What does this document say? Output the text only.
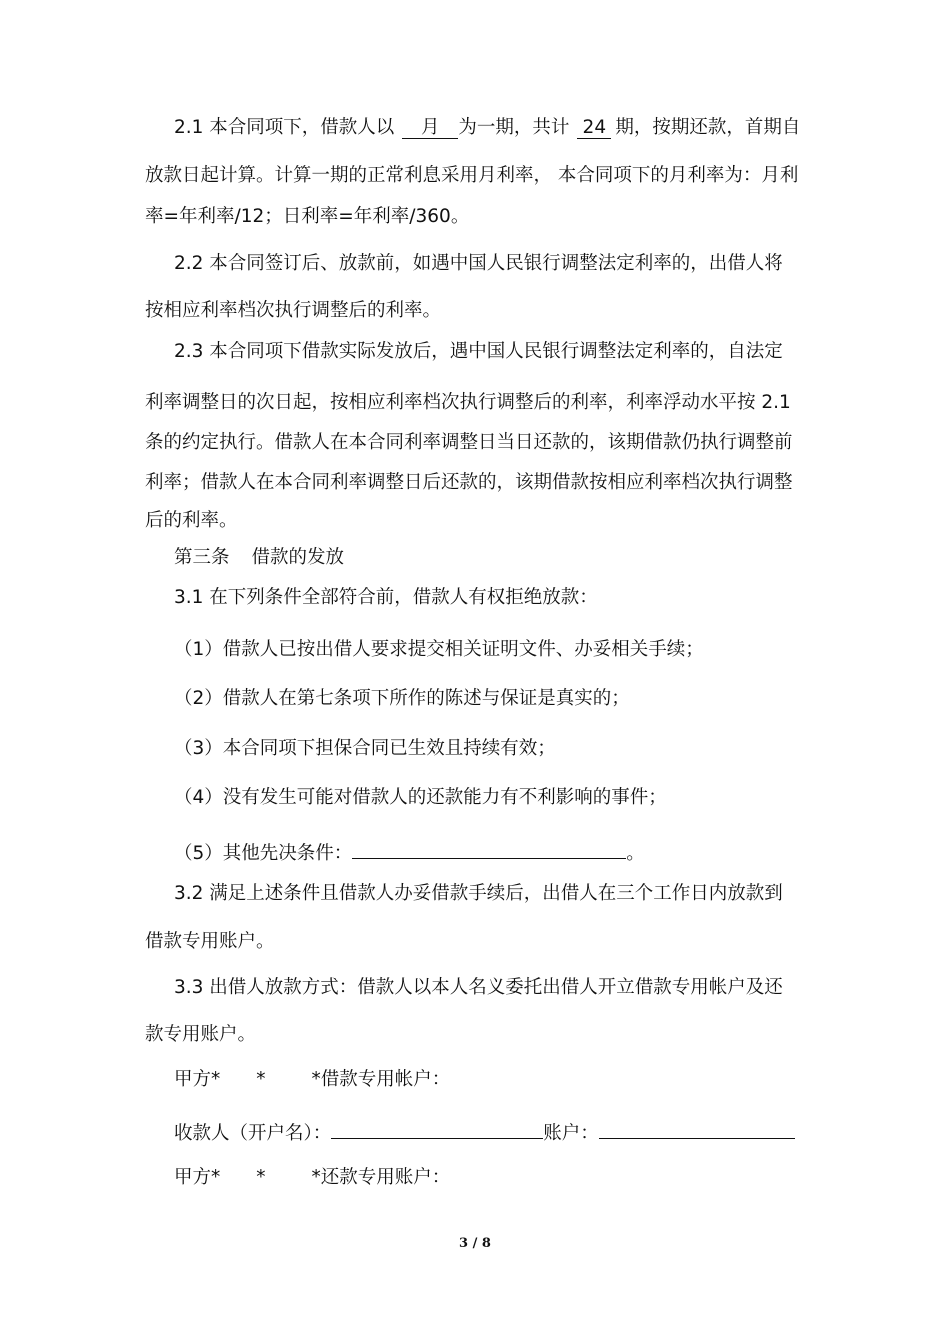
2.1 本合同项下，借款人以 月 为一期，共计 24 期，按期还款，首期自
放款日起计算。计算一期的正常利息采用月利率， 本合同项下的月利率为：月利
率=年利率/12；日利率=年利率/360。
2.2 本合同签订后、放款前，如遇中国人民银行调整法定利率的，出借人将
按相应利率档次执行调整后的利率。
2.3 本合同项下借款实际发放后，遇中国人民银行调整法定利率的，自法定
利率调整日的次日起，按相应利率档次执行调整后的利率，利率浮动水平按 2.1
条的约定执行。借款人在本合同利率调整日当日还款的，该期借款仍执行调整前
利率；借款人在本合同利率调整日后还款的，该期借款按相应利率档次执行调整
后的利率。
第三条 借款的发放
3.1 在下列条件全部符合前，借款人有权拒绝放款：
（1）借款人已按出借人要求提交相关证明文件、办妥相关手续；
（2）借款人在第七条项下所作的陈述与保证是真实的；
（3）本合同项下担保合同已生效且持续有效；
（4）没有发生可能对借款人的还款能力有不利影响的事件；
（5）其他先决条件：	。
3.2 满足上述条件且借款人办妥借款手续后，出借人在三个工作日内放款到
借款专用账户。
3.3 出借人放款方式：借款人以本人名义委托出借人开立借款专用帐户及还
款专用账户。
甲方* * *借款专用帐户：
收款人（开户名）：	账户：
甲方* * *还款专用账户：
3 / 8
